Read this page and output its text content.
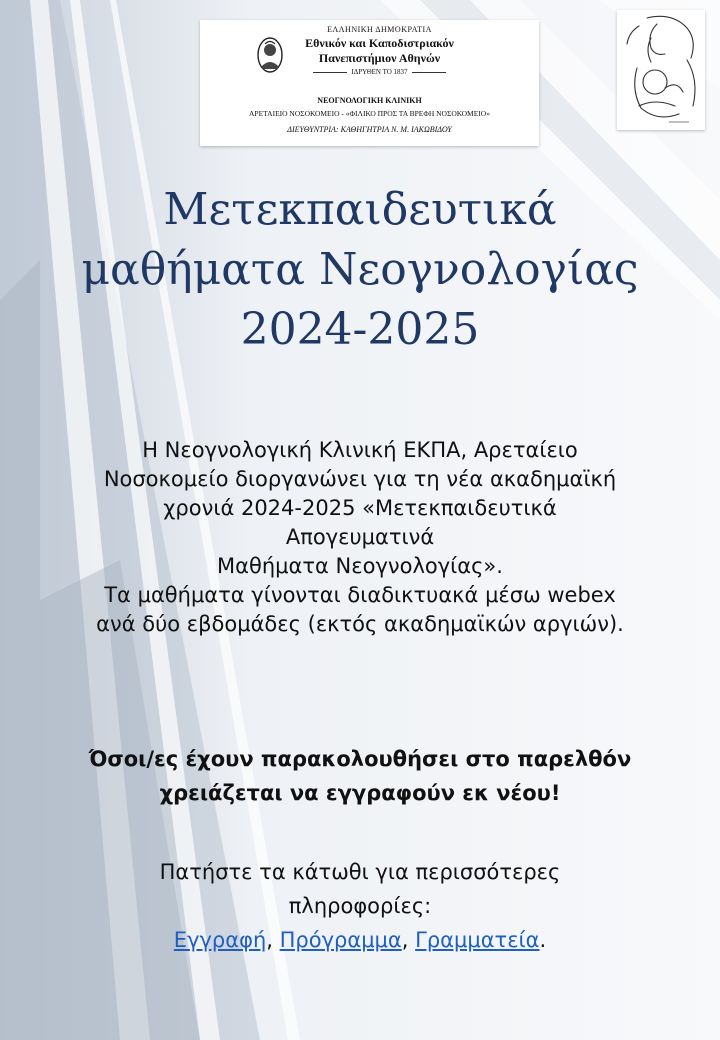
ΕΛΛΗΝΙΚΗ ΔΗΜΟΚΡΑΤΙΑ
Εθνικόν και Καποδιστριακόν
Πανεπιστήμιον Αθηνών
ΙΔΡΥΘΕΝ ΤΟ 1837
ΝΕΟΓΝΟΛΟΓΙΚΗ ΚΛΙΝΙΚΗ
ΑΡΕΤΑΙΕΙΟ ΝΟΣΟΚΟΜΕΙΟ - «ΦΙΛΙΚΟ ΠΡΟΣ ΤΑ ΒΡΕΦΗ ΝΟΣΟΚΟΜΕΙΟ»
ΔΙΕΥΘΥΝΤΡΙΑ: ΚΑΘΗΓΗΤΡΙΑ Ν. Μ. ΙΑΚΩΒΙΔΟΥ
Μετεκπαιδευτικά
μαθήματα Νεογνολογίας
2024-2025
Η Νεογνολογική Κλινική ΕΚΠΑ, Αρεταίειο
Νοσοκομείο διοργανώνει για τη νέα ακαδημαϊκή
χρονιά 2024-2025 «Μετεκπαιδευτικά
Απογευματινά
Μαθήματα Νεογνολογίας».
Τα μαθήματα γίνονται διαδικτυακά μέσω webex
ανά δύο εβδομάδες (εκτός ακαδημαϊκών αργιών).
Όσοι/ες έχουν παρακολουθήσει στο παρελθόν
χρειάζεται να εγγραφούν εκ νέου!
Πατήστε τα κάτωθι για περισσότερες
πληροφορίες:
Εγγραφή, Πρόγραμμα, Γραμματεία.
